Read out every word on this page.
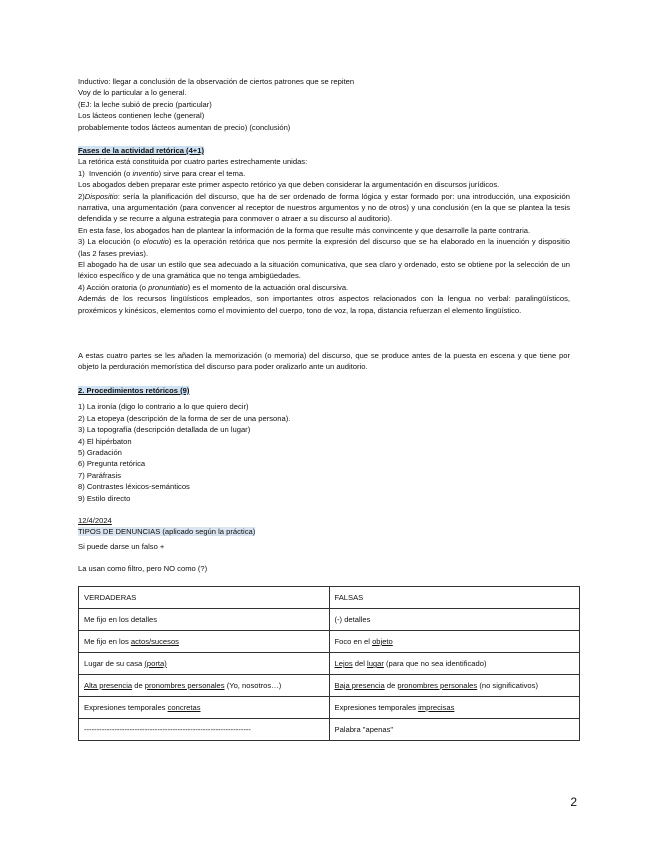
Inductivo: llegar a conclusión de la observación de ciertos patrones que se repiten

Voy de lo particular a lo general.

(EJ: la leche subió de precio (particular)

Los lácteos contienen leche (general)

probablemente todos lácteos aumentan de precio) (conclusión)

Fases de la actividad retórica (4+1)

La retórica está constituida por cuatro partes estrechamente unidas:

1) Invención (o inventio) sirve para crear el tema.

Los abogados deben preparar este primer aspecto retórico ya que deben considerar la argumentación en discursos jurídicos.

2)Dispositio: sería la planificación del discurso, que ha de ser ordenado de forma lógica y estar formado por: una introducción, una exposición narrativa, una argumentación (para convencer al receptor de nuestros argumentos y no de otros) y una conclusión (en la que se plantea la tesis defendida y se recurre a alguna estrategia para conmover o atraer a su discurso al auditorio).

En esta fase, los abogados han de plantear la información de la forma que resulte más convincente y que desarrolle la parte contraria.

3) La elocución (o elocutio) es la operación retórica que nos permite la expresión del discurso que se ha elaborado en la inuención y dispositio (las 2 fases previas).

El abogado ha de usar un estilo que sea adecuado a la situación comunicativa, que sea claro y ordenado, esto se obtiene por la selección de un léxico específico y de una gramática que no tenga ambigüedades.

4) Acción oratoria (o pronuntiatio) es el momento de la actuación oral discursiva.

Además de los recursos lingüísticos empleados, son importantes otros aspectos relacionados con la lengua no verbal: paralingüísticos, proxémicos y kinésicos, elementos como el movimiento del cuerpo, tono de voz, la ropa, distancia refuerzan el elemento lingüístico.

A estas cuatro partes se les añaden la memorización (o memoria) del discurso, que se produce antes de la puesta en escena y que tiene por objeto la perduración memorística del discurso para poder oralizarlo ante un auditorio.

2. Procedimientos retóricos (9)

1) La ironía (digo lo contrario a lo que quiero decir)

2) La etopeya (descripción de la forma de ser de una persona).

3) La topografía (descripción detallada de un lugar)

4) El hipérbaton

5) Gradación

6) Pregunta retórica

7) Paráfrasis

8) Contrastes léxicos-semánticos

9) Estilo directo

12/4/2024

TIPOS DE DENUNCIAS (aplicado según la práctica)

Si puede darse un falso +

La usan como filtro, pero NO como (?)

VERDADERAS	FALSAS
Me fijo en los detalles	(-) detalles
Me fijo en los actos/sucesos	Foco en el objeto
Lugar de su casa (porta)	Lejos del lugar (para que no sea identificado)
Alta presencia de pronombres personales (Yo, nosotros…)	Baja presencia de pronombres personales (no significativos)
Expresiones temporales concretas	Expresiones temporales imprecisas
------------------------------------------------------------------	Palabra "apenas"
2
